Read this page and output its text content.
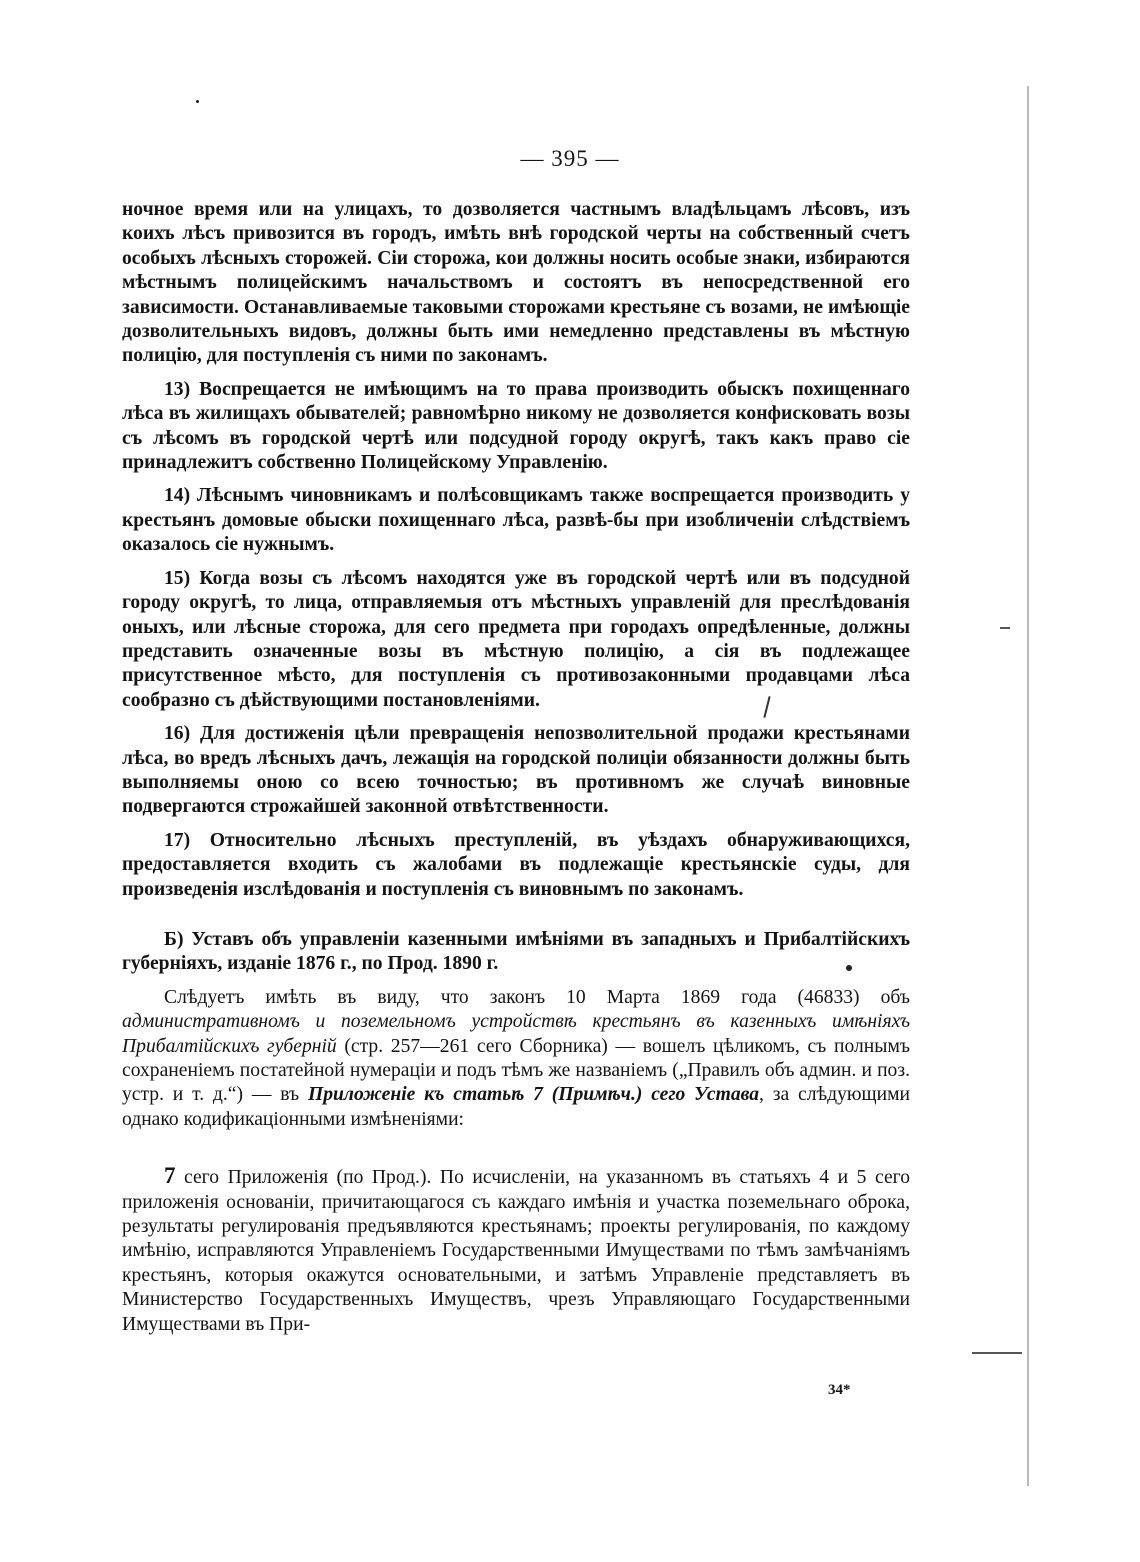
— 395 —

ночное время или на улицахъ, то дозволяется частнымъ владѣльцамъ лѣсовъ, изъ коихъ лѣсъ привозится въ городъ, имѣть внѣ городской черты на собственный счетъ особыхъ лѣсныхъ сторожей. Сіи сторожа, кои должны носить особые знаки, избираются мѣстнымъ полицейскимъ начальствомъ и состоятъ въ непосредственной его зависимости. Останавливаемые таковыми сторожами крестьяне съ возами, не имѣющіе дозволительныхъ видовъ, должны быть ими немедленно представлены въ мѣстную полицію, для поступленія съ ними по законамъ.

13) Воспрещается не имѣющимъ на то права производить обыскъ похищеннаго лѣса въ жилищахъ обывателей; равномѣрно никому не дозволяется конфисковать возы съ лѣсомъ въ городской чертѣ или подсудной городу округѣ, такъ какъ право сіе принадлежитъ собственно Полицейскому Управленію.

14) Лѣснымъ чиновникамъ и полѣсовщикамъ также воспрещается производить у крестьянъ домовые обыски похищеннаго лѣса, развѣ-бы при изобличеніи слѣдствіемъ оказалось сіе нужнымъ.

15) Когда возы съ лѣсомъ находятся уже въ городской чертѣ или въ подсудной городу округѣ, то лица, отправляемыя отъ мѣстныхъ управленій для преслѣдованія оныхъ, или лѣсные сторожа, для сего предмета при городахъ опредѣленные, должны представить означенные возы въ мѣстную полицію, а сія въ подлежащее присутственное мѣсто, для поступленія съ противозаконными продавцами лѣса сообразно съ дѣйствующими постановленіями.

16) Для достиженія цѣли превращенія непозволительной продажи крестьянами лѣса, во вредъ лѣсныхъ дачъ, лежащія на городской полиціи обязанности должны быть выполняемы оною со всею точностью; въ противномъ же случаѣ виновные подвергаются строжайшей законной отвѣтственности.

17) Относительно лѣсныхъ преступленій, въ уѣздахъ обнаруживающихся, предоставляется входить съ жалобами въ подлежащіе крестьянскіе суды, для произведенія изслѣдованія и поступленія съ виновнымъ по законамъ.

Б) Уставъ объ управленіи казенными имѣніями въ западныхъ и Прибалтійскихъ губерніяхъ, изданіе 1876 г., по Прод. 1890 г.

Слѣдуетъ имѣть въ виду, что законъ 10 Марта 1869 года (46833) объ административномъ и поземельномъ устройствѣ крестьянъ въ казенныхъ имѣніяхъ Прибалтійскихъ губерній (стр. 257—261 сего Сборника) — вошелъ цѣликомъ, съ полнымъ сохраненіемъ постатейной нумераціи и подъ тѣмъ же названіемъ („Правилъ объ админ. и поз. устр. и т. д.“) — въ Приложеніе къ статьѣ 7 (Примѣч.) сего Устава, за слѣдующими однако кодификаціонными измѣненіями:

7 сего Приложенія (по Прод.). По исчисленіи, на указанномъ въ статьяхъ 4 и 5 сего приложенія основаніи, причитающагося съ каждаго имѣнія и участка поземельнаго оброка, результаты регулированія предъявляются крестьянамъ; проекты регулированія, по каждому имѣнію, исправляются Управленіемъ Государственными Имуществами по тѣмъ замѣчаніямъ крестьянъ, которыя окажутся основательными, и затѣмъ Управленіе представляетъ въ Министерство Государственныхъ Имуществъ, чрезъ Управляющаго Государственными Имуществами въ При-

34*
